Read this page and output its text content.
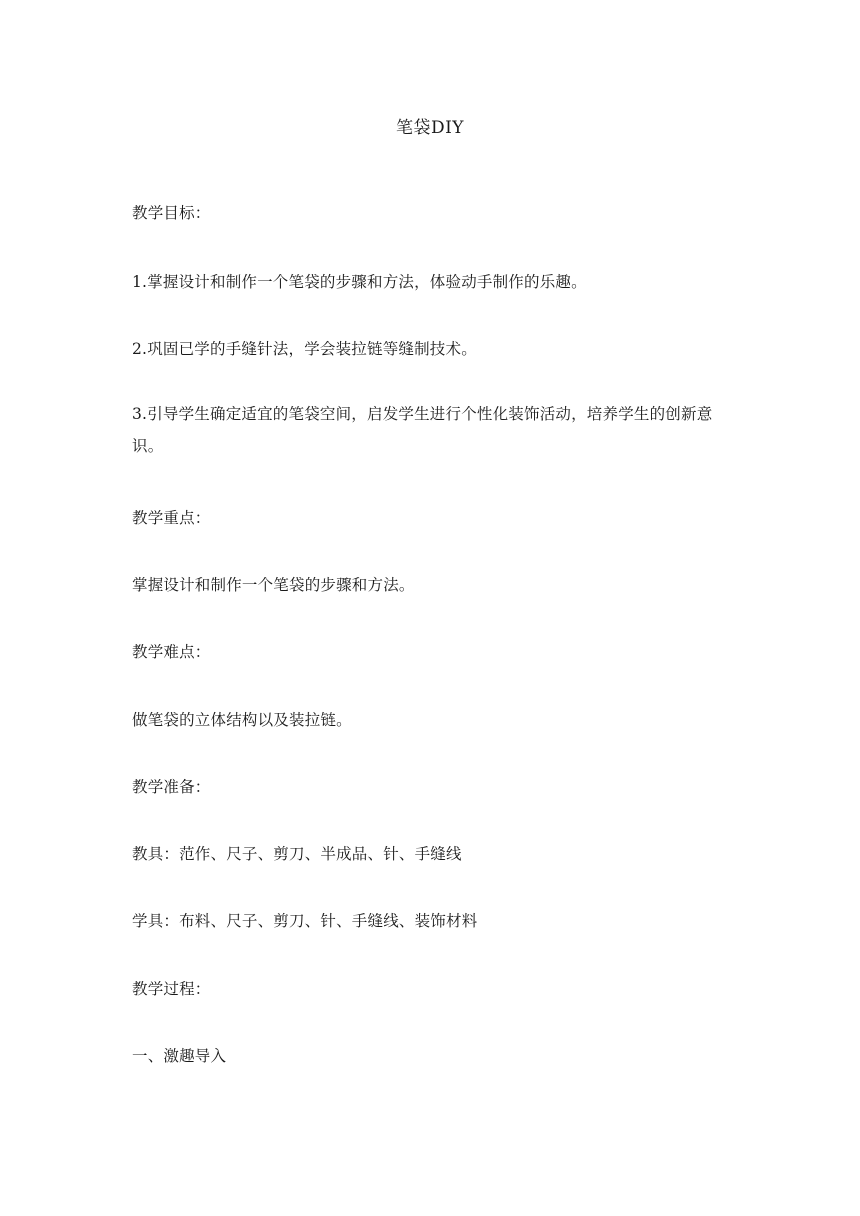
笔袋DIY
教学目标：
1.掌握设计和制作一个笔袋的步骤和方法，体验动手制作的乐趣。
2.巩固已学的手缝针法，学会装拉链等缝制技术。
3.引导学生确定适宜的笔袋空间，启发学生进行个性化装饰活动，培养学生的创新意识。
教学重点：
掌握设计和制作一个笔袋的步骤和方法。
教学难点：
做笔袋的立体结构以及装拉链。
教学准备：
教具：范作、尺子、剪刀、半成品、针、手缝线
学具：布料、尺子、剪刀、针、手缝线、装饰材料
教学过程：
一、激趣导入
